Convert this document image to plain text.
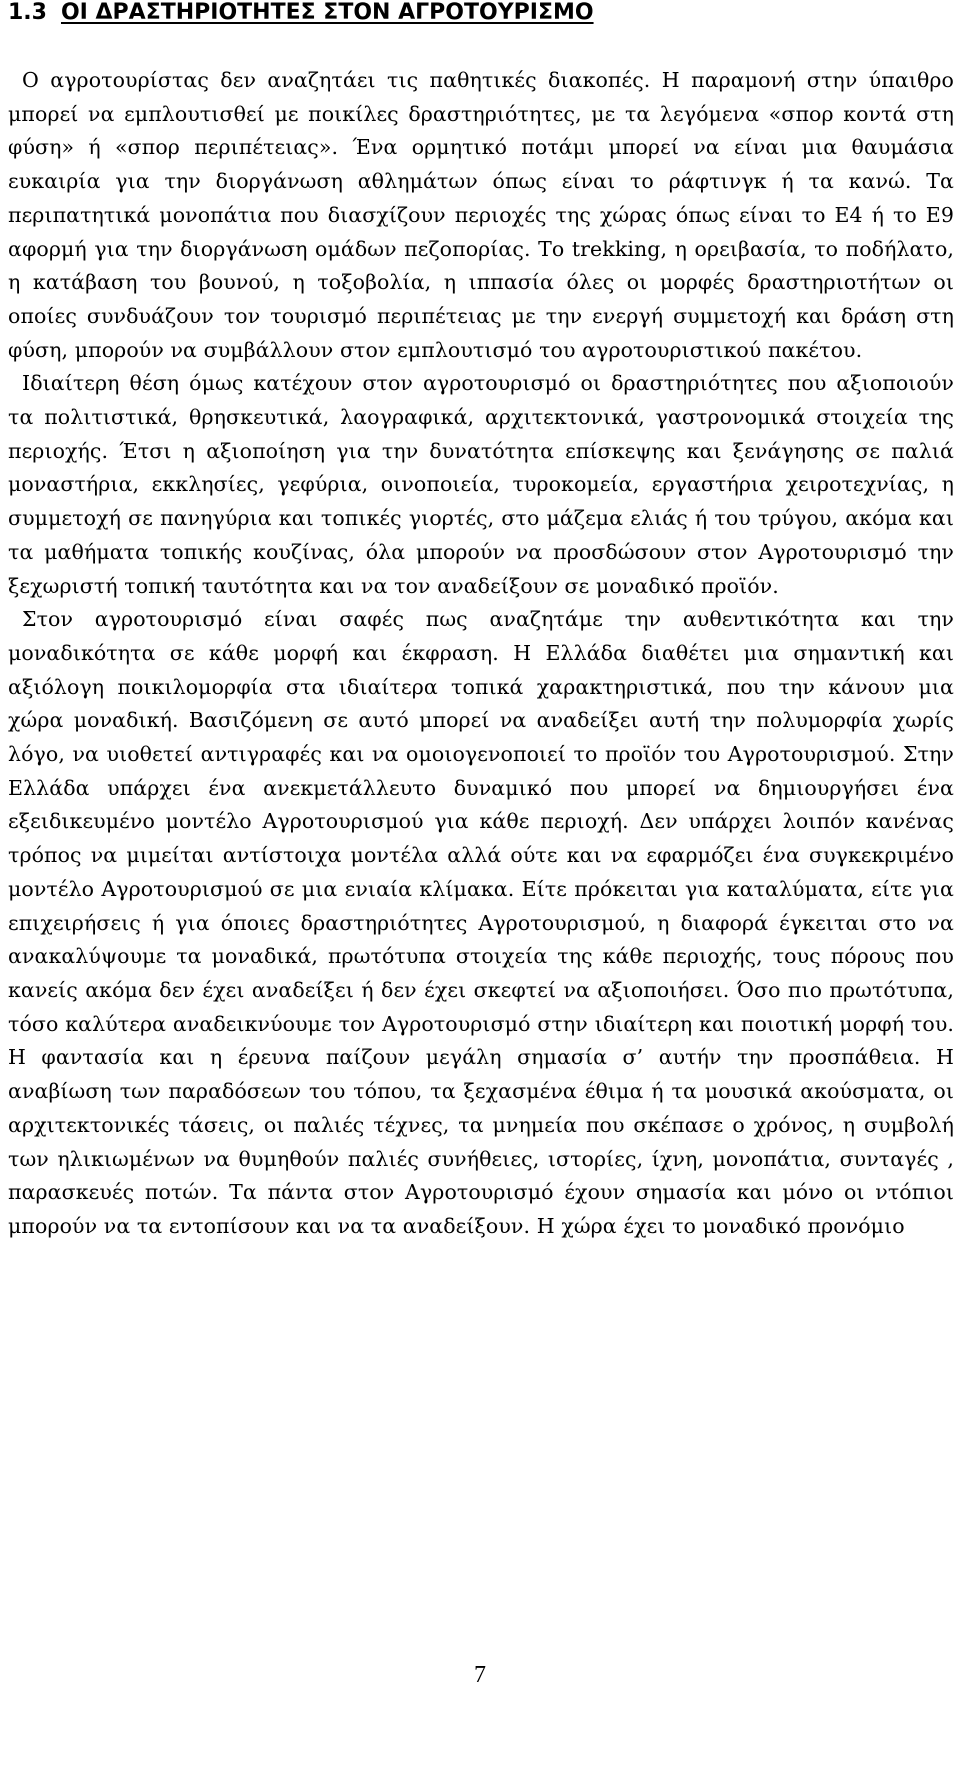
1.3 ΟΙ ΔΡΑΣΤΗΡΙΟΤΗΤΕΣ ΣΤΟΝ ΑΓΡΟΤΟΥΡΙΣΜΟ

Ο αγροτουρίστας δεν αναζητάει τις παθητικές διακοπές. Η παραμονή στην ύπαιθρο μπορεί να εμπλουτισθεί με ποικίλες δραστηριότητες, με τα λεγόμενα «σπορ κοντά στη φύση» ή «σπορ περιπέτειας». Ένα ορμητικό ποτάμι μπορεί να είναι μια θαυμάσια ευκαιρία για την διοργάνωση αθλημάτων όπως είναι το ράφτινγκ ή τα κανώ. Τα περιπατητικά μονοπάτια που διασχίζουν περιοχές της χώρας όπως είναι το Ε4 ή το Ε9 αφορμή για την διοργάνωση ομάδων πεζοπορίας. Το trekking, η ορειβασία, το ποδήλατο, η κατάβαση του βουνού, η τοξοβολία, η ιππασία όλες οι μορφές δραστηριοτήτων οι οποίες συνδυάζουν τον τουρισμό περιπέτειας με την ενεργή συμμετοχή και δράση στη φύση, μπορούν να συμβάλλουν στον εμπλουτισμό του αγροτουριστικού πακέτου.

Ιδιαίτερη θέση όμως κατέχουν στον αγροτουρισμό οι δραστηριότητες που αξιοποιούν τα πολιτιστικά, θρησκευτικά, λαογραφικά, αρχιτεκτονικά, γαστρονομικά στοιχεία της περιοχής. Έτσι η αξιοποίηση για την δυνατότητα επίσκεψης και ξενάγησης σε παλιά μοναστήρια, εκκλησίες, γεφύρια, οινοποιεία, τυροκομεία, εργαστήρια χειροτεχνίας, η συμμετοχή σε πανηγύρια και τοπικές γιορτές, στο μάζεμα ελιάς ή του τρύγου, ακόμα και τα μαθήματα τοπικής κουζίνας, όλα μπορούν να προσδώσουν στον Αγροτουρισμό την ξεχωριστή τοπική ταυτότητα και να τον αναδείξουν σε μοναδικό προϊόν.

Στον αγροτουρισμό είναι σαφές πως αναζητάμε την αυθεντικότητα και την μοναδικότητα σε κάθε μορφή και έκφραση. Η Ελλάδα διαθέτει μια σημαντική και αξιόλογη ποικιλομορφία στα ιδιαίτερα τοπικά χαρακτηριστικά, που την κάνουν μια χώρα μοναδική. Βασιζόμενη σε αυτό μπορεί να αναδείξει αυτή την πολυμορφία χωρίς λόγο, να υιοθετεί αντιγραφές και να ομοιογενοποιεί το προϊόν του Αγροτουρισμού. Στην Ελλάδα υπάρχει ένα ανεκμετάλλευτο δυναμικό που μπορεί να δημιουργήσει ένα εξειδικευμένο μοντέλο Αγροτουρισμού για κάθε περιοχή. Δεν υπάρχει λοιπόν κανένας τρόπος να μιμείται αντίστοιχα μοντέλα αλλά ούτε και να εφαρμόζει ένα συγκεκριμένο μοντέλο Αγροτουρισμού σε μια ενιαία κλίμακα. Είτε πρόκειται για καταλύματα, είτε για επιχειρήσεις ή για όποιες δραστηριότητες Αγροτουρισμού, η διαφορά έγκειται στο να ανακαλύψουμε τα μοναδικά, πρωτότυπα στοιχεία της κάθε περιοχής, τους πόρους που κανείς ακόμα δεν έχει αναδείξει ή δεν έχει σκεφτεί να αξιοποιήσει. Όσο πιο πρωτότυπα, τόσο καλύτερα αναδεικνύουμε τον Αγροτουρισμό στην ιδιαίτερη και ποιοτική μορφή του. Η φαντασία και η έρευνα παίζουν μεγάλη σημασία σ’ αυτήν την προσπάθεια. Η αναβίωση των παραδόσεων του τόπου, τα ξεχασμένα έθιμα ή τα μουσικά ακούσματα, οι αρχιτεκτονικές τάσεις, οι παλιές τέχνες, τα μνημεία που σκέπασε ο χρόνος, η συμβολή των ηλικιωμένων να θυμηθούν παλιές συνήθειες, ιστορίες, ίχνη, μονοπάτια, συνταγές , παρασκευές ποτών. Τα πάντα στον Αγροτουρισμό έχουν σημασία και μόνο οι ντόπιοι μπορούν να τα εντοπίσουν και να τα αναδείξουν. Η χώρα έχει το μοναδικό προνόμιο

7
